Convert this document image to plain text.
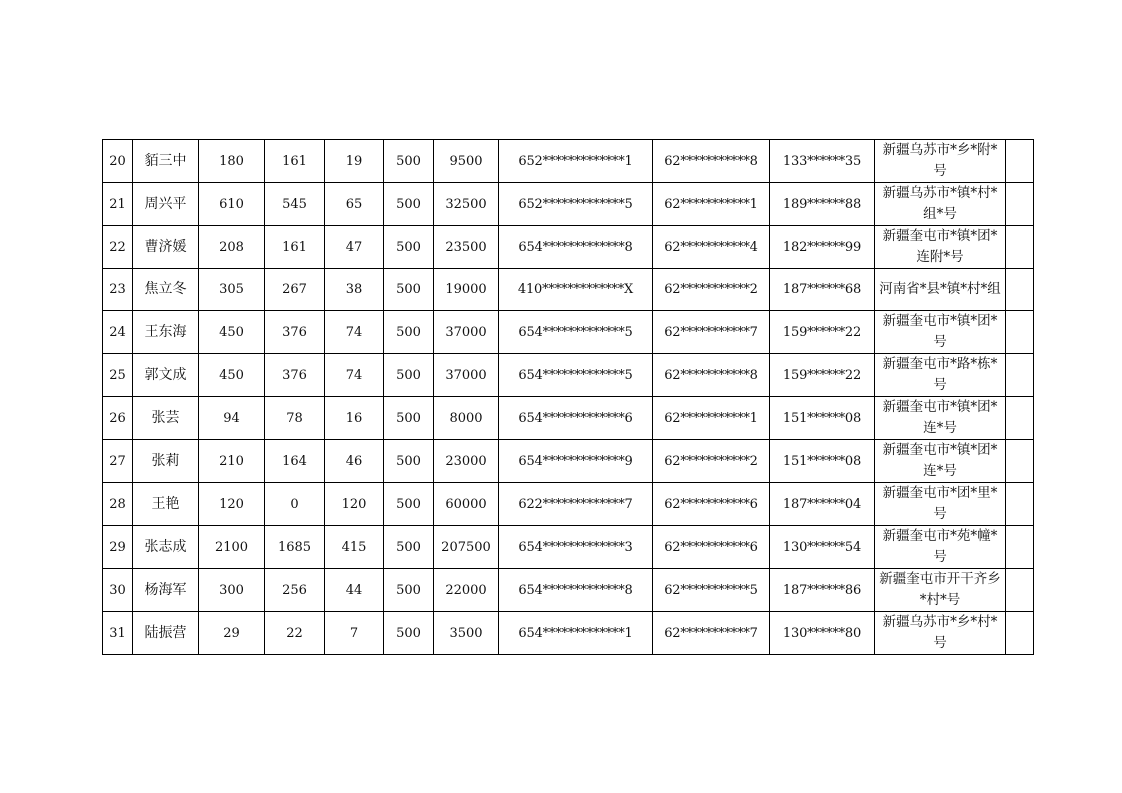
20	貊三中	180	161	19	500	9500	652*************1	62***********8	133******35	新疆乌苏市*乡*附*号	
21	周兴平	610	545	65	500	32500	652*************5	62***********1	189******88	新疆乌苏市*镇*村*组*号	
22	曹济媛	208	161	47	500	23500	654*************8	62***********4	182******99	新疆奎屯市*镇*团*连附*号	
23	焦立冬	305	267	38	500	19000	410*************X	62***********2	187******68	河南省*县*镇*村*组	
24	王东海	450	376	74	500	37000	654*************5	62***********7	159******22	新疆奎屯市*镇*团*号	
25	郭文成	450	376	74	500	37000	654*************5	62***********8	159******22	新疆奎屯市*路*栋*号	
26	张芸	94	78	16	500	8000	654*************6	62***********1	151******08	新疆奎屯市*镇*团*连*号	
27	张莉	210	164	46	500	23000	654*************9	62***********2	151******08	新疆奎屯市*镇*团*连*号	
28	王艳	120	0	120	500	60000	622*************7	62***********6	187******04	新疆奎屯市*团*里*号	
29	张志成	2100	1685	415	500	207500	654*************3	62***********6	130******54	新疆奎屯市*苑*幢*号	
30	杨海军	300	256	44	500	22000	654*************8	62***********5	187******86	新疆奎屯市开干齐乡*村*号	
31	陆振营	29	22	7	500	3500	654*************1	62***********7	130******80	新疆乌苏市*乡*村*号	
